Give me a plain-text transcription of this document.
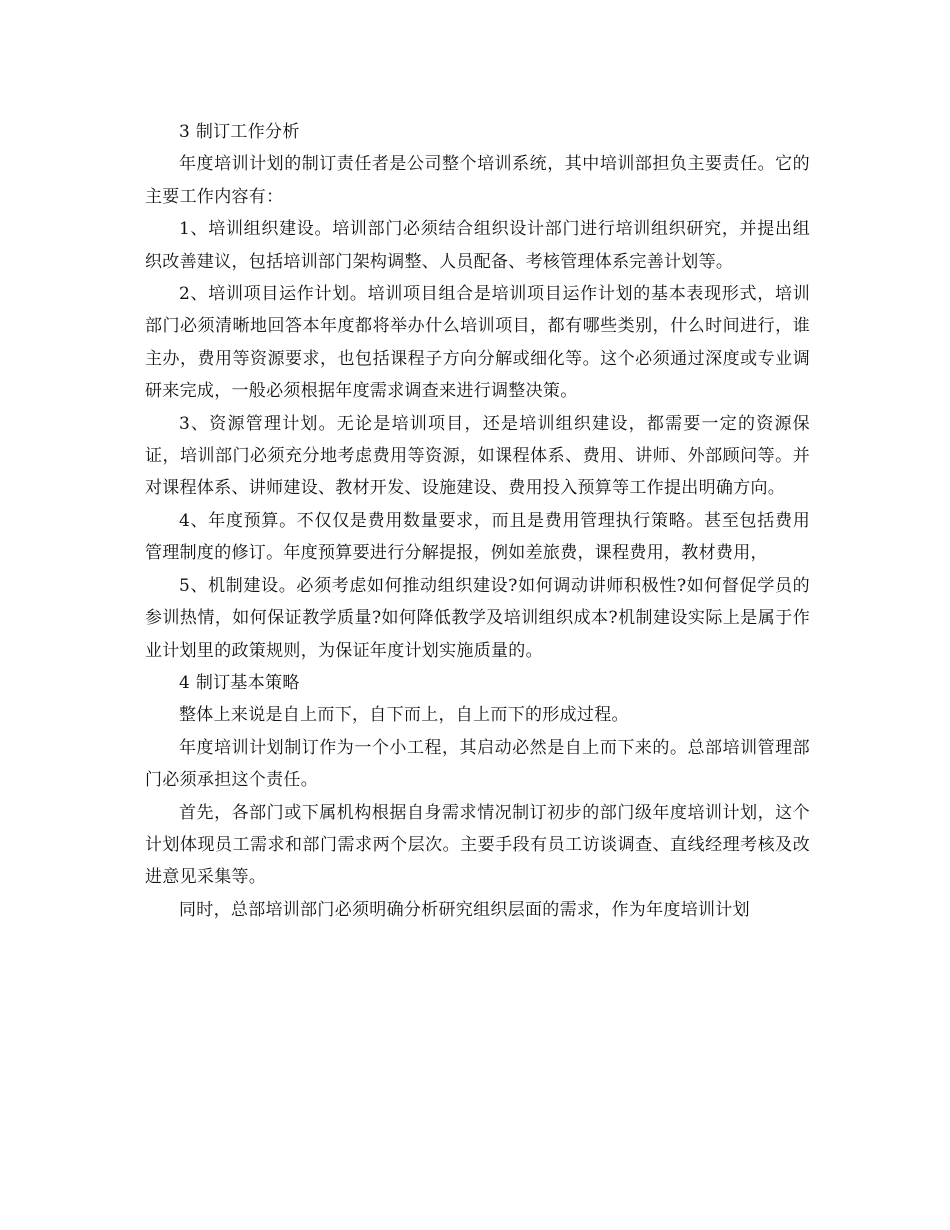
3 制订工作分析

年度培训计划的制订责任者是公司整个培训系统，其中培训部担负主要责任。它的主要工作内容有：

1、培训组织建设。培训部门必须结合组织设计部门进行培训组织研究，并提出组织改善建议，包括培训部门架构调整、人员配备、考核管理体系完善计划等。

2、培训项目运作计划。培训项目组合是培训项目运作计划的基本表现形式，培训部门必须清晰地回答本年度都将举办什么培训项目，都有哪些类别，什么时间进行，谁主办，费用等资源要求，也包括课程子方向分解或细化等。这个必须通过深度或专业调研来完成，一般必须根据年度需求调查来进行调整决策。

3、资源管理计划。无论是培训项目，还是培训组织建设，都需要一定的资源保证，培训部门必须充分地考虑费用等资源，如课程体系、费用、讲师、外部顾问等。并对课程体系、讲师建设、教材开发、设施建设、费用投入预算等工作提出明确方向。

4、年度预算。不仅仅是费用数量要求，而且是费用管理执行策略。甚至包括费用管理制度的修订。年度预算要进行分解提报，例如差旅费，课程费用，教材费用，

5、机制建设。必须考虑如何推动组织建设?如何调动讲师积极性?如何督促学员的参训热情，如何保证教学质量?如何降低教学及培训组织成本?机制建设实际上是属于作业计划里的政策规则，为保证年度计划实施质量的。

4 制订基本策略

整体上来说是自上而下，自下而上，自上而下的形成过程。

年度培训计划制订作为一个小工程，其启动必然是自上而下来的。总部培训管理部门必须承担这个责任。

首先，各部门或下属机构根据自身需求情况制订初步的部门级年度培训计划，这个计划体现员工需求和部门需求两个层次。主要手段有员工访谈调查、直线经理考核及改进意见采集等。

同时，总部培训部门必须明确分析研究组织层面的需求，作为年度培训计划
